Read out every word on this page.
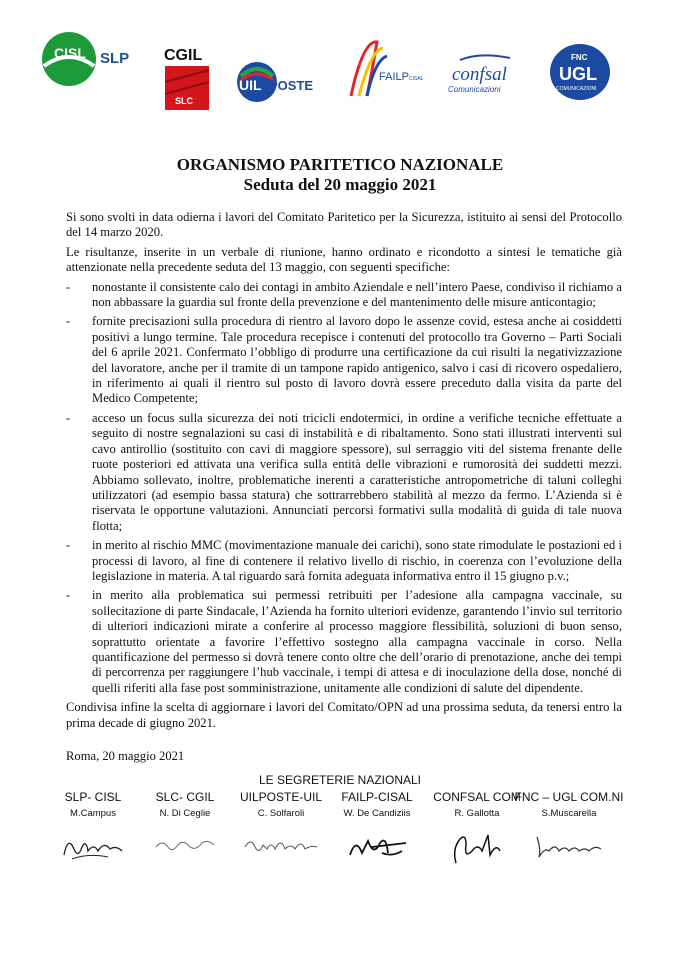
CISL SLP CGIL
SLC
UIL POSTE
FAILP CISAL confsal
Comunicazioni
FNC
UGL
COMUNICAZIONI
ORGANISMO PARITETICO NAZIONALE
Seduta del 20 maggio 2021

Si sono svolti in data odierna i lavori del Comitato Paritetico per la Sicurezza, istituito ai sensi del Protocollo del 14 marzo 2020.

Le risultanze, inserite in un verbale di riunione, hanno ordinato e ricondotto a sintesi le tematiche già attenzionate nella precedente seduta del 13 maggio, con seguenti specifiche:

- nonostante il consistente calo dei contagi in ambito Aziendale e nell’intero Paese, condiviso il richiamo a non abbassare la guardia sul fronte della prevenzione e del mantenimento delle misure anticontagio;
- fornite precisazioni sulla procedura di rientro al lavoro dopo le assenze covid, estesa anche ai cosiddetti positivi a lungo termine. Tale procedura recepisce i contenuti del protocollo tra Governo – Parti Sociali del 6 aprile 2021. Confermato l’obbligo di produrre una certificazione da cui risulti la negativizzazione del lavoratore, anche per il tramite di un tampone rapido antigenico, salvo i casi di ricovero ospedaliero, in riferimento ai quali il rientro sul posto di lavoro dovrà essere preceduto dalla visita da parte del Medico Competente;
- acceso un focus sulla sicurezza dei noti tricicli endotermici, in ordine a verifiche tecniche effettuate a seguito di nostre segnalazioni su casi di instabilità e di ribaltamento. Sono stati illustrati interventi sul cavo antirollio (sostituito con cavi di maggiore spessore), sul serraggio viti del sistema frenante delle ruote posteriori ed attivata una verifica sulla entità delle vibrazioni e rumorosità dei suddetti mezzi. Abbiamo sollevato, inoltre, problematiche inerenti a caratteristiche antropometriche di taluni colleghi utilizzatori (ad esempio bassa statura) che sottrarrebbero stabilità al mezzo da fermo. L’Azienda si è riservata le opportune valutazioni. Annunciati percorsi formativi sulla modalità di guida di tale nuova flotta;
- in merito al rischio MMC (movimentazione manuale dei carichi), sono state rimodulate le postazioni ed i processi di lavoro, al fine di contenere il relativo livello di rischio, in coerenza con l’evoluzione della legislazione in materia. A tal riguardo sarà fornita adeguata informativa entro il 15 giugno p.v.;
- in merito alla problematica sui permessi retribuiti per l’adesione alla campagna vaccinale, su sollecitazione di parte Sindacale, l’Azienda ha fornito ulteriori evidenze, garantendo l’invio sul territorio di ulteriori indicazioni mirate a conferire al processo maggiore flessibilità, soluzioni di buon senso, soprattutto orientate a favorire l’effettivo sostegno alla campagna vaccinale in corso. Nella quantificazione del permesso si dovrà tenere conto oltre che dell’orario di prenotazione, anche dei tempi di percorrenza per raggiungere l’hub vaccinale, i tempi di attesa e di inoculazione della dose, nonché di quelli riferiti alla fase post somministrazione, unitamente alle condizioni di salute del dipendente.

Condivisa infine la scelta di aggiornare i lavori del Comitato/OPN ad una prossima seduta, da tenersi entro la prima decade di giugno 2021.

Roma, 20 maggio 2021

LE SEGRETERIE NAZIONALI
SLP- CISL
M.Campus
SLC- CGIL
N. Di Ceglie
UILPOSTE-UIL
C. Solfaroli
FAILP-CISAL
W. De Candiziis
CONFSAL COM
R. Gallotta
FNC – UGL COM.NI
S.Muscarella
